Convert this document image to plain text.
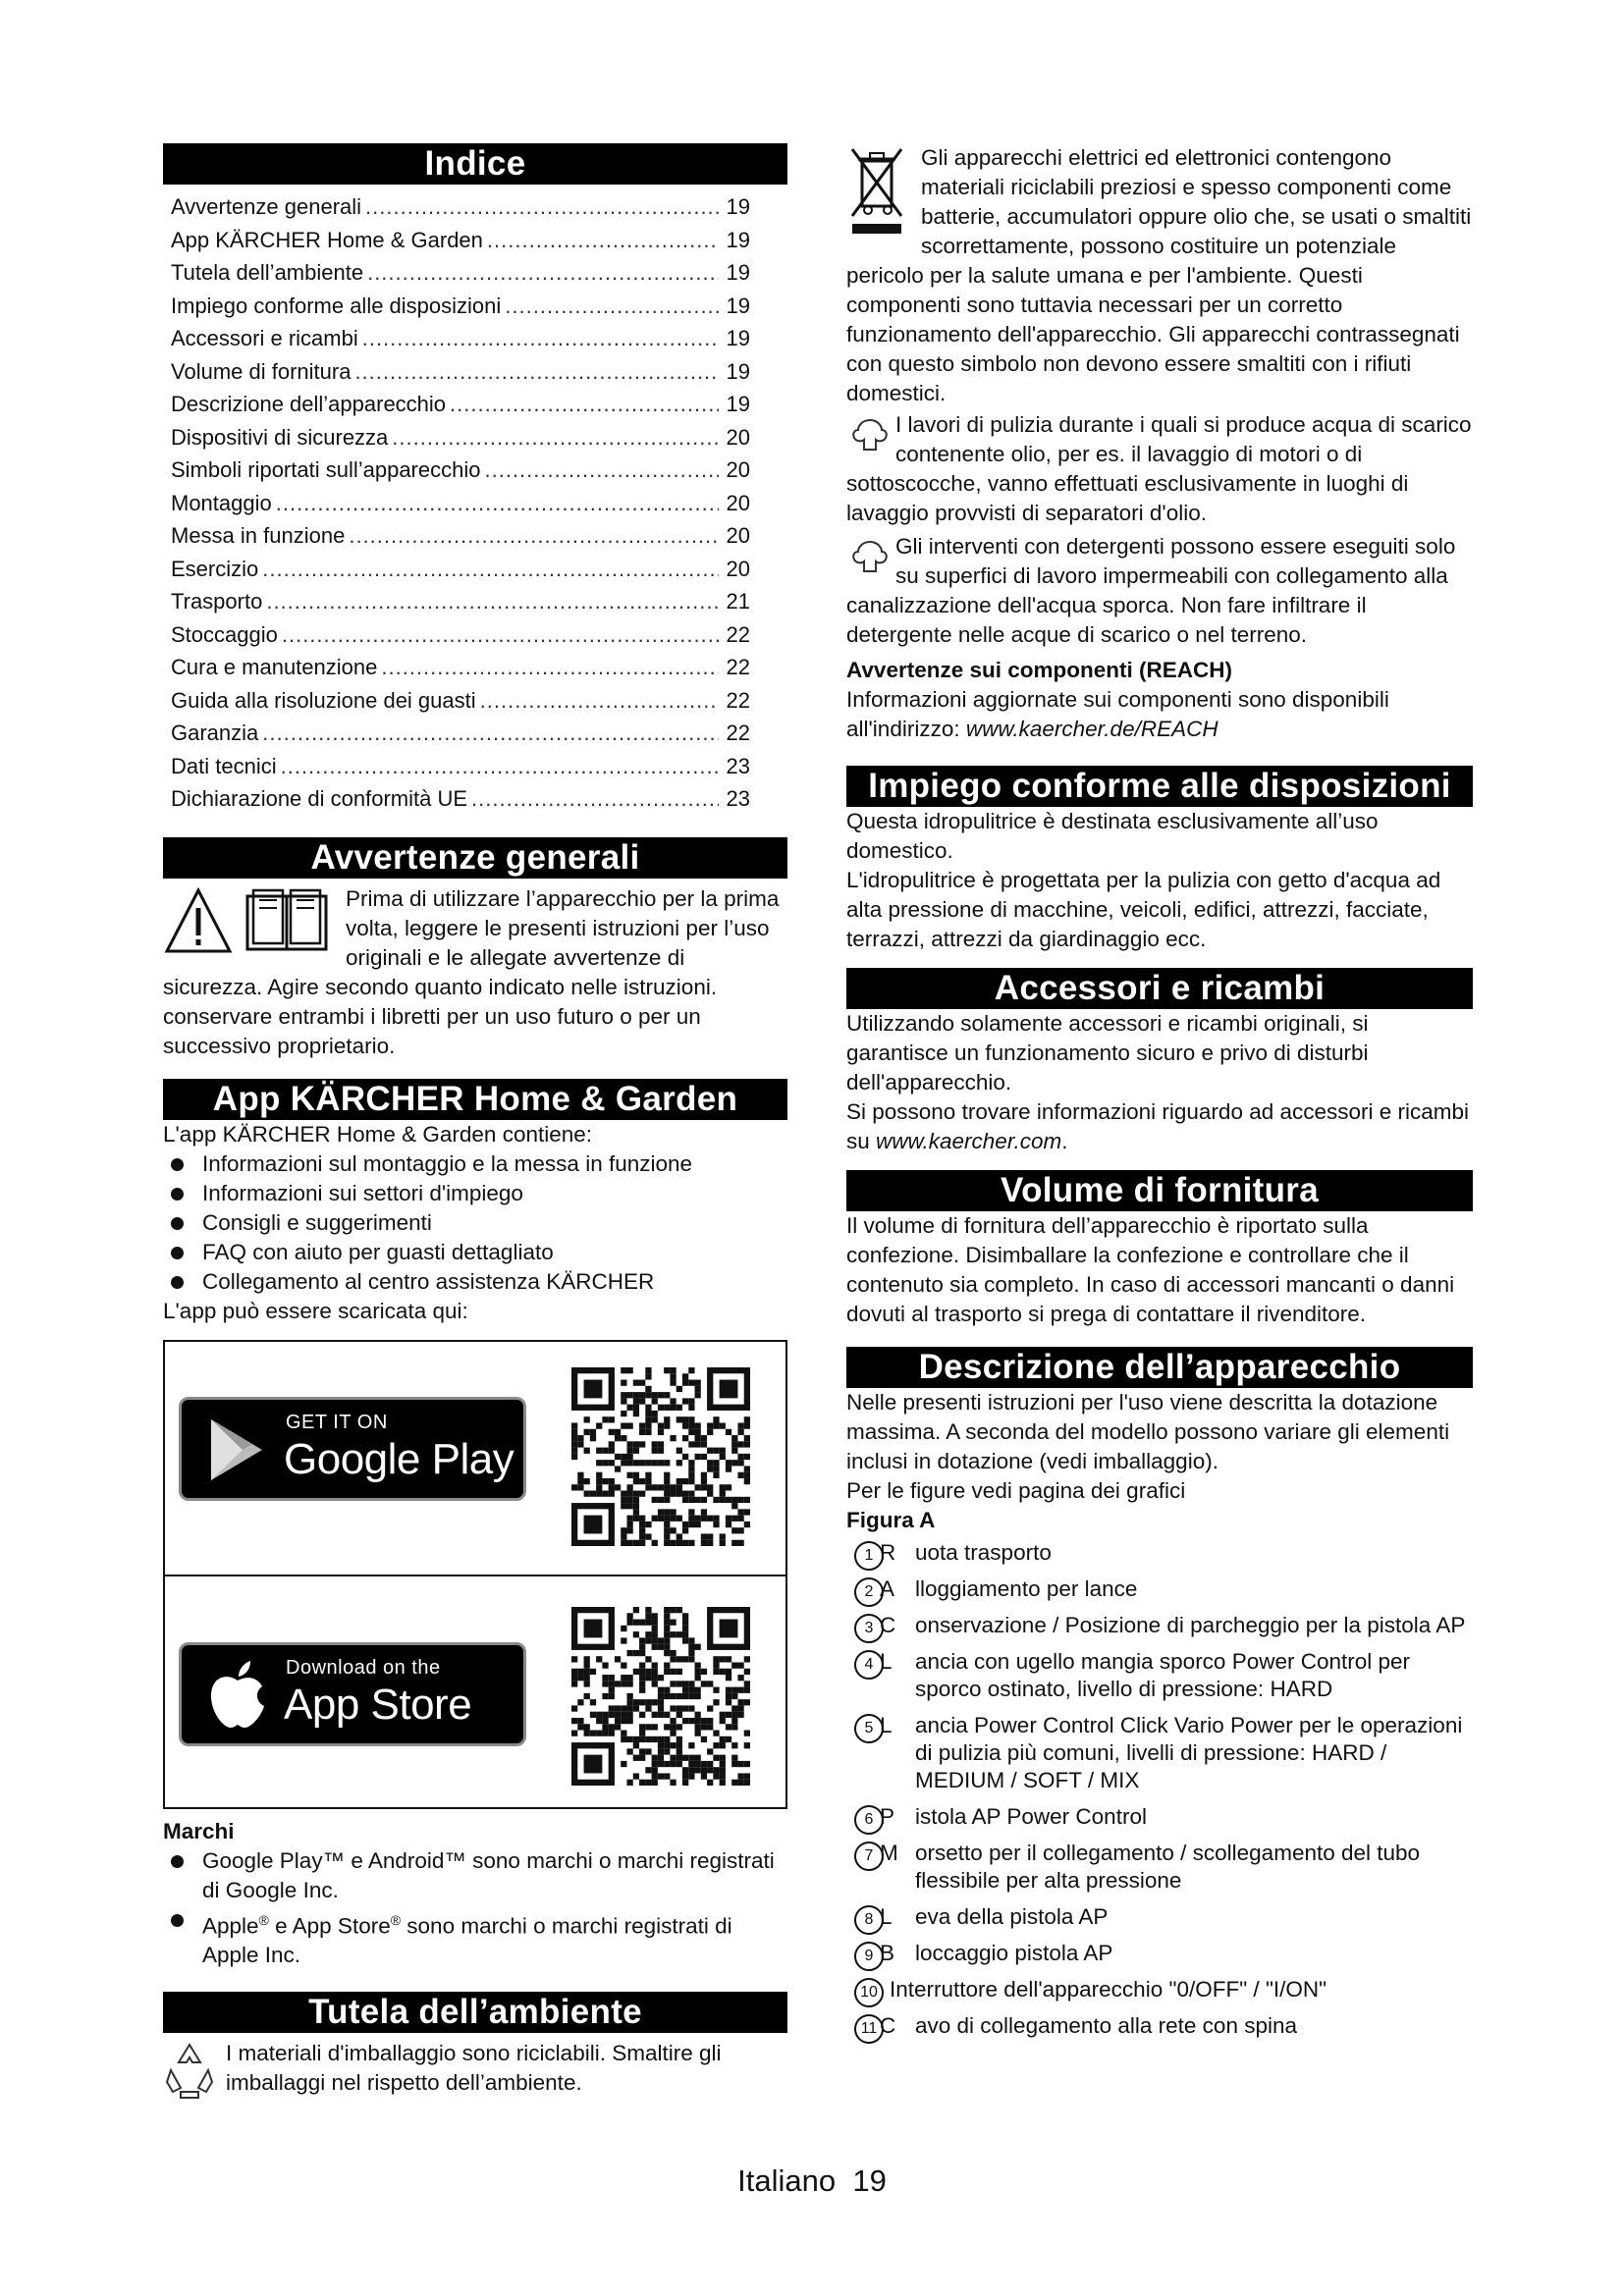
Indice
Avvertenze generali .....	19
App KÄRCHER Home & Garden .....	19
Tutela dell’ambiente .....	19
Impiego conforme alle disposizioni .....	19
Accessori e ricambi .....	19
Volume di fornitura .....	19
Descrizione dell’apparecchio .....	19
Dispositivi di sicurezza .....	20
Simboli riportati sull’apparecchio .....	20
Montaggio .....	20
Messa in funzione .....	20
Esercizio .....	20
Trasporto .....	21
Stoccaggio .....	22
Cura e manutenzione .....	22
Guida alla risoluzione dei guasti .....	22
Garanzia .....	22
Dati tecnici .....	23
Dichiarazione di conformità UE .....	23
Avvertenze generali

Prima di utilizzare l’apparecchio per la prima volta, leggere le presenti istruzioni per l’uso originali e le allegate avvertenze di sicurezza. Agire secondo quanto indicato nelle istruzioni.

conservare entrambi i libretti per un uso futuro o per un successivo proprietario.

App KÄRCHER Home & Garden

L'app KÄRCHER Home & Garden contiene:

Informazioni sul montaggio e la messa in funzione

Informazioni sui settori d'impiego

Consigli e suggerimenti

FAQ con aiuto per guasti dettagliato

Collegamento al centro assistenza KÄRCHER

L'app può essere scaricata qui:

GET IT ON
Google Play
Download on the
App Store

Marchi

Google Play™ e Android™ sono marchi o marchi registrati di Google Inc.

Apple® e App Store® sono marchi o marchi registrati di Apple Inc.

Tutela dell’ambiente

I materiali d'imballaggio sono riciclabili. Smaltire gli imballaggi nel rispetto dell’ambiente.

Gli apparecchi elettrici ed elettronici contengono materiali riciclabili preziosi e spesso componenti come batterie, accumulatori oppure olio che, se usati o smaltiti scorrettamente, possono costituire un potenziale pericolo per la salute umana e per l'ambiente. Questi componenti sono tuttavia necessari per un corretto funzionamento dell'apparecchio. Gli apparecchi contrassegnati con questo simbolo non devono essere smaltiti con i rifiuti domestici.

I lavori di pulizia durante i quali si produce acqua di scarico contenente olio, per es. il lavaggio di motori o di sottoscocche, vanno effettuati esclusivamente in luoghi di lavaggio provvisti di separatori d'olio.

Gli interventi con detergenti possono essere eseguiti solo su superfici di lavoro impermeabili con collegamento alla canalizzazione dell'acqua sporca. Non fare infiltrare il detergente nelle acque di scarico o nel terreno.

Avvertenze sui componenti (REACH)

Informazioni aggiornate sui componenti sono disponibili all'indirizzo: www.kaercher.de/REACH

Impiego conforme alle disposizioni

Questa idropulitrice è destinata esclusivamente all’uso domestico.

L'idropulitrice è progettata per la pulizia con getto d'acqua ad alta pressione di macchine, veicoli, edifici, attrezzi, facciate, terrazzi, attrezzi da giardinaggio ecc.

Accessori e ricambi

Utilizzando solamente accessori e ricambi originali, si garantisce un funzionamento sicuro e privo di disturbi dell'apparecchio.

Si possono trovare informazioni riguardo ad accessori e ricambi su www.kaercher.com.

Volume di fornitura

Il volume di fornitura dell’apparecchio è riportato sulla confezione. Disimballare la confezione e controllare che il contenuto sia completo. In caso di accessori mancanti o danni dovuti al trasporto si prega di contattare il rivenditore.

Descrizione dell’apparecchio

Nelle presenti istruzioni per l'uso viene descritta la dotazione massima. A seconda del modello possono variare gli elementi inclusi in dotazione (vedi imballaggio).

Per le figure vedi pagina dei grafici

Figura A

1 R uota trasporto
2 A lloggiamento per lance
3 C onservazione / Posizione di parcheggio per la pistola AP
4 L ancia con ugello mangia sporco Power Control per sporco ostinato, livello di pressione: HARD
5 L ancia Power Control Click Vario Power per le operazioni di pulizia più comuni, livelli di pressione: HARD / MEDIUM / SOFT / MIX
6 P istola AP Power Control
7 M orsetto per il collegamento / scollegamento del tubo flessibile per alta pressione
8 L eva della pistola AP
9 B loccaggio pistola AP
10 Interruttore dell'apparecchio "0/OFF" / "I/ON"
11 C avo di collegamento alla rete con spina
Italiano 19
